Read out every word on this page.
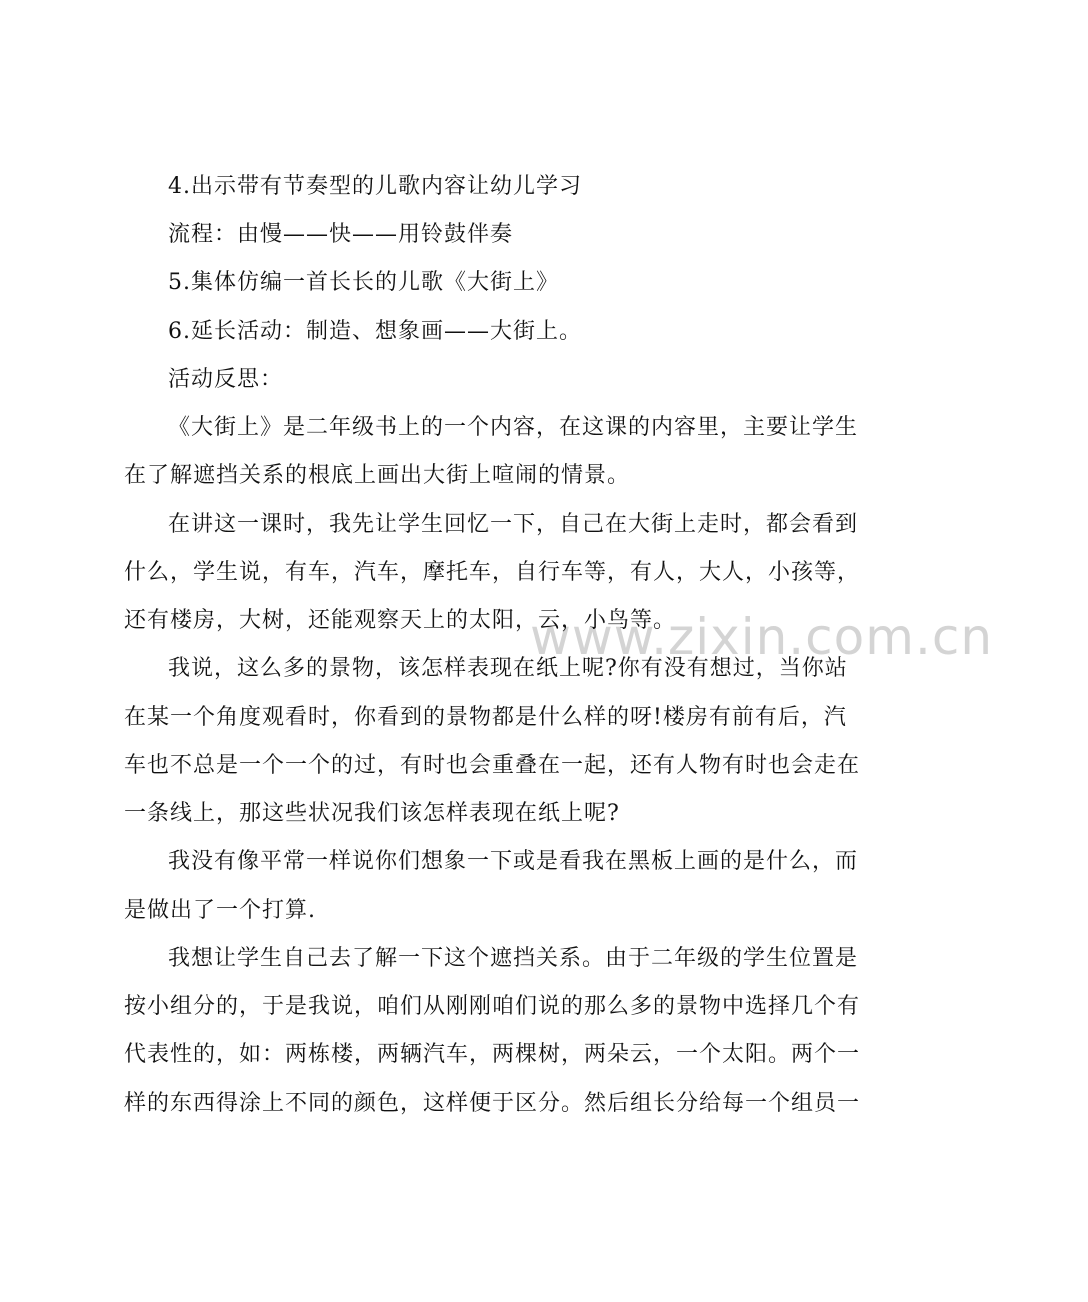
www.zixin.com.cn
4.出示带有节奏型的儿歌内容让幼儿学习
流程：由慢——快——用铃鼓伴奏
5.集体仿编一首长长的儿歌《大街上》
6.延长活动：制造、想象画——大街上。
活动反思：
《大街上》是二年级书上的一个内容，在这课的内容里，主要让学生
在了解遮挡关系的根底上画出大街上喧闹的情景。
在讲这一课时，我先让学生回忆一下，自己在大街上走时，都会看到
什么，学生说，有车，汽车，摩托车，自行车等，有人，大人，小孩等，
还有楼房，大树，还能观察天上的太阳，云，小鸟等。
我说，这么多的景物，该怎样表现在纸上呢?你有没有想过，当你站
在某一个角度观看时，你看到的景物都是什么样的呀!楼房有前有后，汽
车也不总是一个一个的过，有时也会重叠在一起，还有人物有时也会走在
一条线上，那这些状况我们该怎样表现在纸上呢?
我没有像平常一样说你们想象一下或是看我在黑板上画的是什么，而
是做出了一个打算.
我想让学生自己去了解一下这个遮挡关系。由于二年级的学生位置是
按小组分的，于是我说，咱们从刚刚咱们说的那么多的景物中选择几个有
代表性的，如：两栋楼，两辆汽车，两棵树，两朵云，一个太阳。两个一
样的东西得涂上不同的颜色，这样便于区分。然后组长分给每一个组员一
